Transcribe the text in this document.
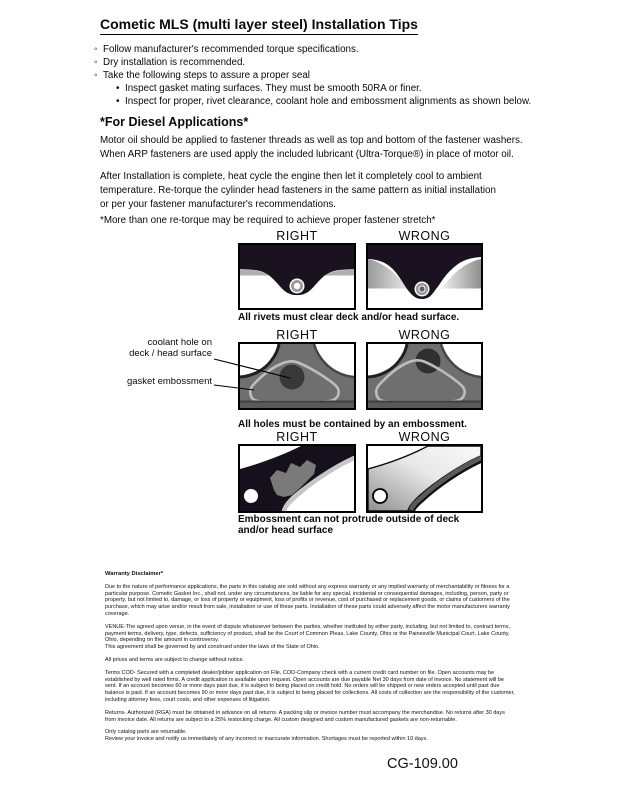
Cometic MLS (multi layer steel) Installation Tips
◦
Follow manufacturer's recommended torque specifications.
◦
Dry installation is recommended.
◦
Take the following steps to assure a proper seal
•
Inspect gasket mating surfaces. They must be smooth 50RA or finer.
•
Inspect for proper, rivet clearance, coolant hole and embossment alignments as shown below.
*For Diesel Applications*
Motor oil should be applied to fastener threads as well as top and bottom of the fastener washers.
When ARP fasteners are used apply the included lubricant (Ultra-Torque®) in place of motor oil.
After Installation is complete, heat cycle the engine then let it completely cool to ambient
temperature. Re-torque the cylinder head fasteners in the same pattern as initial installation
or per your fastener manufacturer's recommendations.
*More than one re-torque may be required to achieve proper fastener stretch*
RIGHT	WRONG
All rivets must clear deck and/or head surface.
RIGHT	WRONG
coolant hole on
deck / head surface
gasket embossment
All holes must be contained by an embossment.
RIGHT	WRONG
Embossment can not protrude outside of deck
and/or head surface

Warranty Disclaimer*

Due to the nature of performance applications, the parts in this catalog are sold without any express warranty or any implied warranty of merchantability or fitness for a particular purpose. Cometic Gasket Inc., shall not, under any circumstances, be liable for any special, incidental or consequential damages, including, person, party or property, but not limited to, damage, or loss of property or equipment, loss of profits or revenue, cost of purchased or replacement goods, or claims of customers of the purchase, which may arise and/or result from sale, installation or use of these parts. Installation of these parts could adversely affect the motor manufacturers warranty coverage.

VENUE-The agreed upon venue, in the event of dispute whatsoever between the parties, whether instituted by either party, including, but not limited to, contract terms, payment terms, delivery, type, defects, sufficiency of product, shall be the Court of Common Pleas, Lake County, Ohio or the Painesville Municipal Court, Lake County, Ohio, depending on the amount in controversy.

This agreement shall be governed by and construed under the laws of the State of Ohio.

All prices and terms are subject to change without notice.

Terms COD- Secured with a completed dealer/jobber application on File, COD-Company check with a current credit card number on file. Open accounts may be established by well rated firms. A credit application is available upon request. Open accounts are due payable Net 30 days from date of invoice. No statement will be sent. If an account becomes 60 or more days past due, it is subject to being placed on credit hold. No orders will be shipped or new orders accepted until past due balance is paid. If an account becomes 90 or more days past due, it is subject to being placed for collections. All costs of collection are the responsibility of the customer, including attorney fees, court costs, and other expenses of litigation.

Returns- Authorized (RGA) must be obtained in advance on all returns. A packing slip or invoice number must accompany the merchandise. No returns after 30 days from invoice date. All returns are subject to a 25% restocking charge. All custom designed and custom manufactured gaskets are non-returnable.

Only catalog parts are returnable.

Review your invoice and notify us immediately of any incorrect or inaccurate information. Shortages must be reported within 10 days.

CG-109.00
